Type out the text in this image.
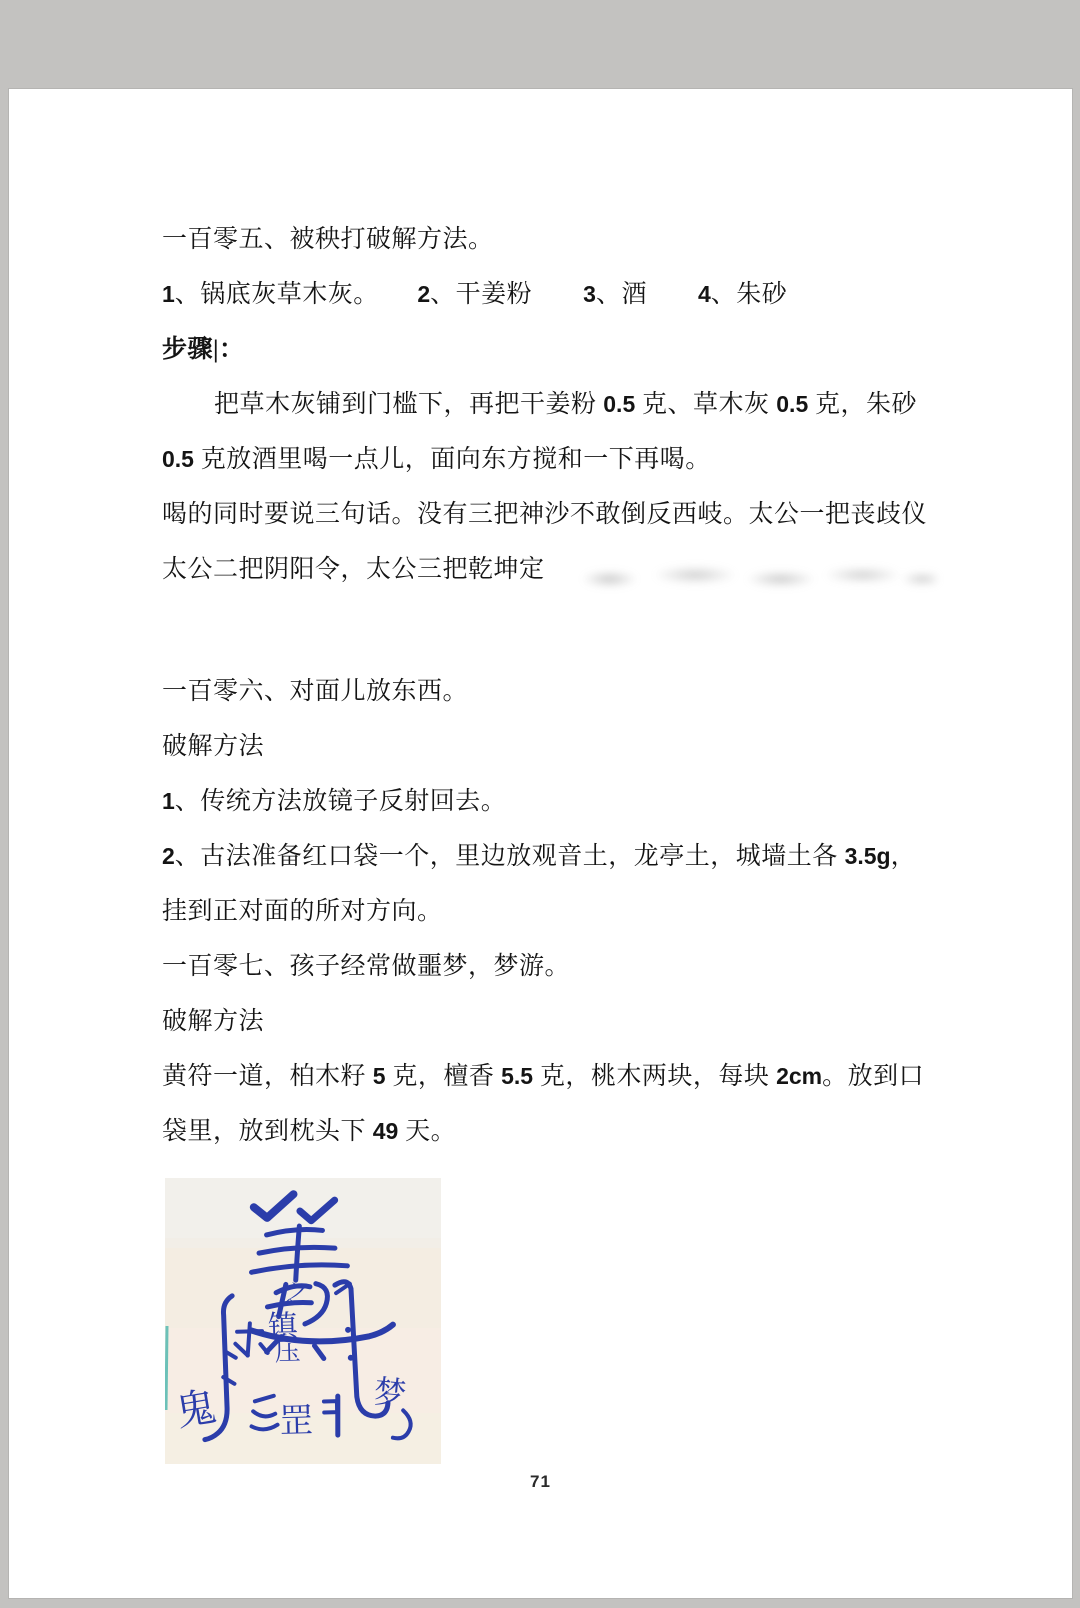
一百零五、被秧打破解方法。

1、锅底灰草木灰。　　 2、干姜粉　　 3、酒　　 4、朱砂

步骤|：

把草木灰铺到门槛下，再把干姜粉 0.5 克、草木灰 0.5 克，朱砂

0.5 克放酒里喝一点儿，面向东方搅和一下再喝。

喝的同时要说三句话。没有三把神沙不敢倒反西岐。太公一把丧歧仪

太公二把阴阳令，太公三把乾坤定

一百零六、对面儿放东西。

破解方法

1、传统方法放镜子反射回去。

2、古法准备红口袋一个，里边放观音土，龙亭土，城墙土各 3.5g，

挂到正对面的所对方向。

一百零七、孩子经常做噩梦，梦游。

破解方法

黄符一道，柏木籽 5 克，檀香 5.5 克，桃木两块，每块 2cm。放到口

袋里，放到枕头下 49 天。

之
镇
压
鬼 罡
梦
71
